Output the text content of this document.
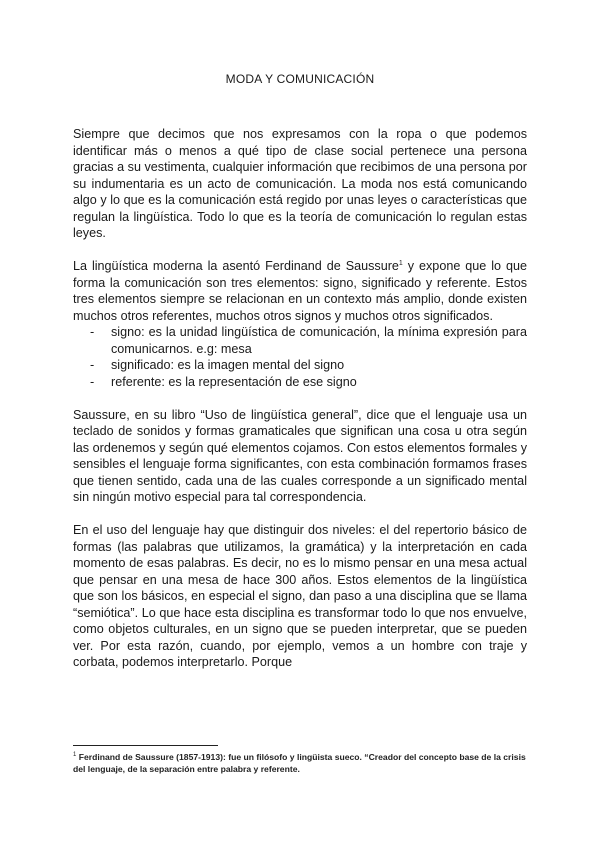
MODA Y COMUNICACIÓN

Siempre que decimos que nos expresamos con la ropa o que podemos identificar más o menos a qué tipo de clase social pertenece una persona gracias a su vestimenta, cualquier información que recibimos de una persona por su indumentaria es un acto de comunicación. La moda nos está comunicando algo y lo que es la comunicación está regido por unas leyes o características que regulan la lingüística. Todo lo que es la teoría de comunicación lo regulan estas leyes.

La lingüística moderna la asentó Ferdinand de Saussure$^1$ y expone que lo que forma la comunicación son tres elementos: signo, significado y referente. Estos tres elementos siempre se relacionan en un contexto más amplio, donde existen muchos otros referentes, muchos otros signos y muchos otros significados.

- signo: es la unidad lingüística de comunicación, la mínima expresión para comunicarnos. e.g: mesa
- significado: es la imagen mental del signo
- referente: es la representación de ese signo

Saussure, en su libro “Uso de lingüística general”, dice que el lenguaje usa un teclado de sonidos y formas gramaticales que significan una cosa u otra según las ordenemos y según qué elementos cojamos. Con estos elementos formales y sensibles el lenguaje forma significantes, con esta combinación formamos frases que tienen sentido, cada una de las cuales corresponde a un significado mental sin ningún motivo especial para tal correspondencia.

En el uso del lenguaje hay que distinguir dos niveles: el del repertorio básico de formas (las palabras que utilizamos, la gramática) y la interpretación en cada momento de esas palabras. Es decir, no es lo mismo pensar en una mesa actual que pensar en una mesa de hace 300 años. Estos elementos de la lingüística que son los básicos, en especial el signo, dan paso a una disciplina que se llama “semiótica”. Lo que hace esta disciplina es transformar todo lo que nos envuelve, como objetos culturales, en un signo que se pueden interpretar, que se pueden ver. Por esta razón, cuando, por ejemplo, vemos a un hombre con traje y corbata, podemos interpretarlo. Porque

$^1$ Ferdinand de Saussure (1857-1913): fue un filósofo y lingüista sueco. “Creador del concepto base de la crisis del lenguaje, de la separación entre palabra y referente.
